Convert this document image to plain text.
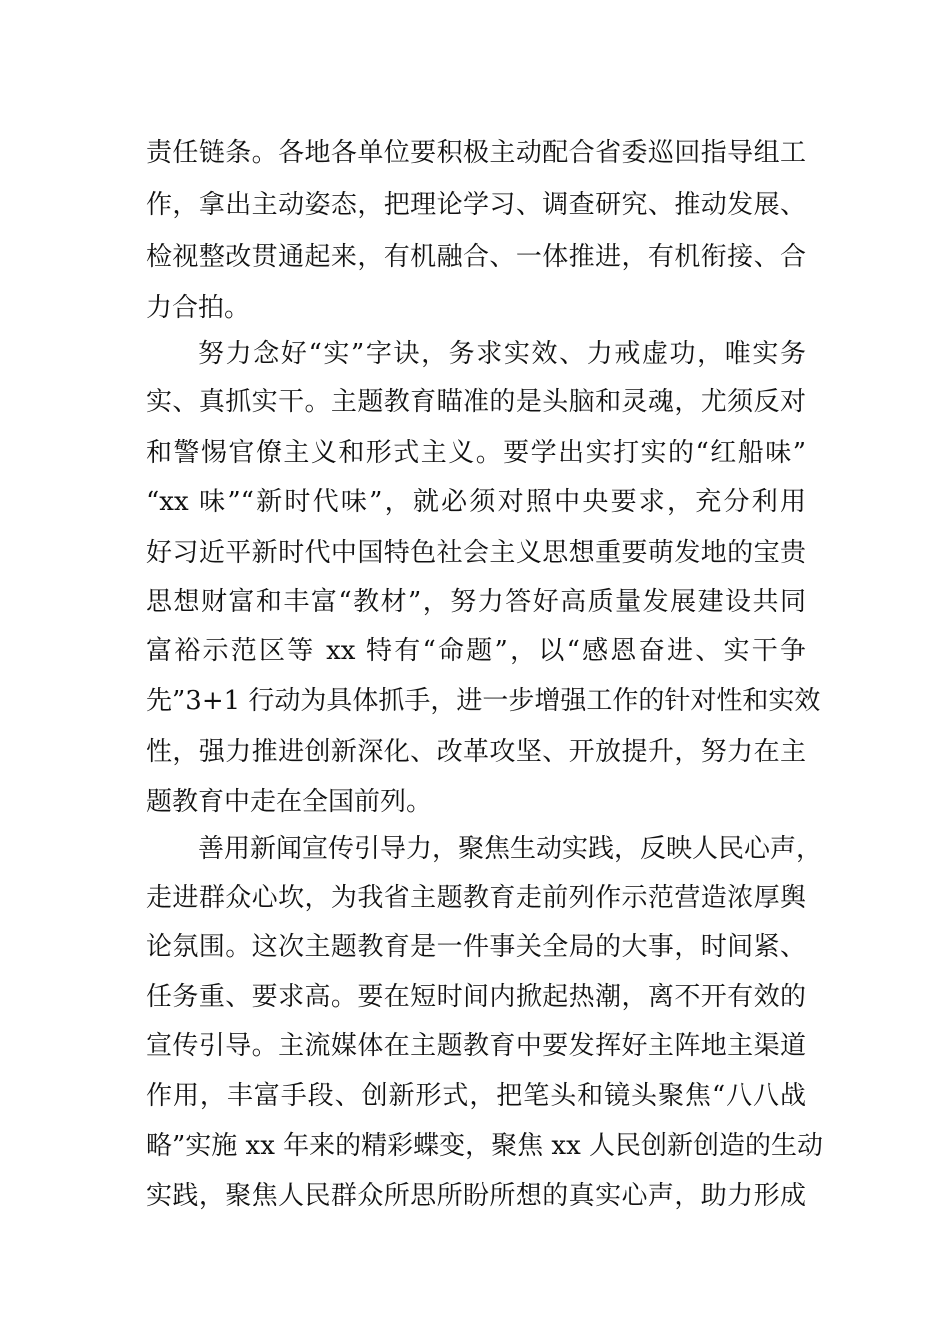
责任链条。各地各单位要积极主动配合省委巡回指导组工
作，拿出主动姿态，把理论学习、调查研究、推动发展、
检视整改贯通起来，有机融合、一体推进，有机衔接、合
力合拍。
努力念好“实”字诀，务求实效、力戒虚功，唯实务
实、真抓实干。主题教育瞄准的是头脑和灵魂，尤须反对
和警惕官僚主义和形式主义。要学出实打实的“红船味”
“xx 味”“新时代味”，就必须对照中央要求，充分利用
好习近平新时代中国特色社会主义思想重要萌发地的宝贵
思想财富和丰富“教材”，努力答好高质量发展建设共同
富裕示范区等 xx 特有“命题”，以“感恩奋进、实干争
先”3+1 行动为具体抓手，进一步增强工作的针对性和实效
性，强力推进创新深化、改革攻坚、开放提升，努力在主
题教育中走在全国前列。
善用新闻宣传引导力，聚焦生动实践，反映人民心声，
走进群众心坎，为我省主题教育走前列作示范营造浓厚舆
论氛围。这次主题教育是一件事关全局的大事，时间紧、
任务重、要求高。要在短时间内掀起热潮，离不开有效的
宣传引导。主流媒体在主题教育中要发挥好主阵地主渠道
作用，丰富手段、创新形式，把笔头和镜头聚焦“八八战
略”实施 xx 年来的精彩蝶变，聚焦 xx 人民创新创造的生动
实践，聚焦人民群众所思所盼所想的真实心声，助力形成
